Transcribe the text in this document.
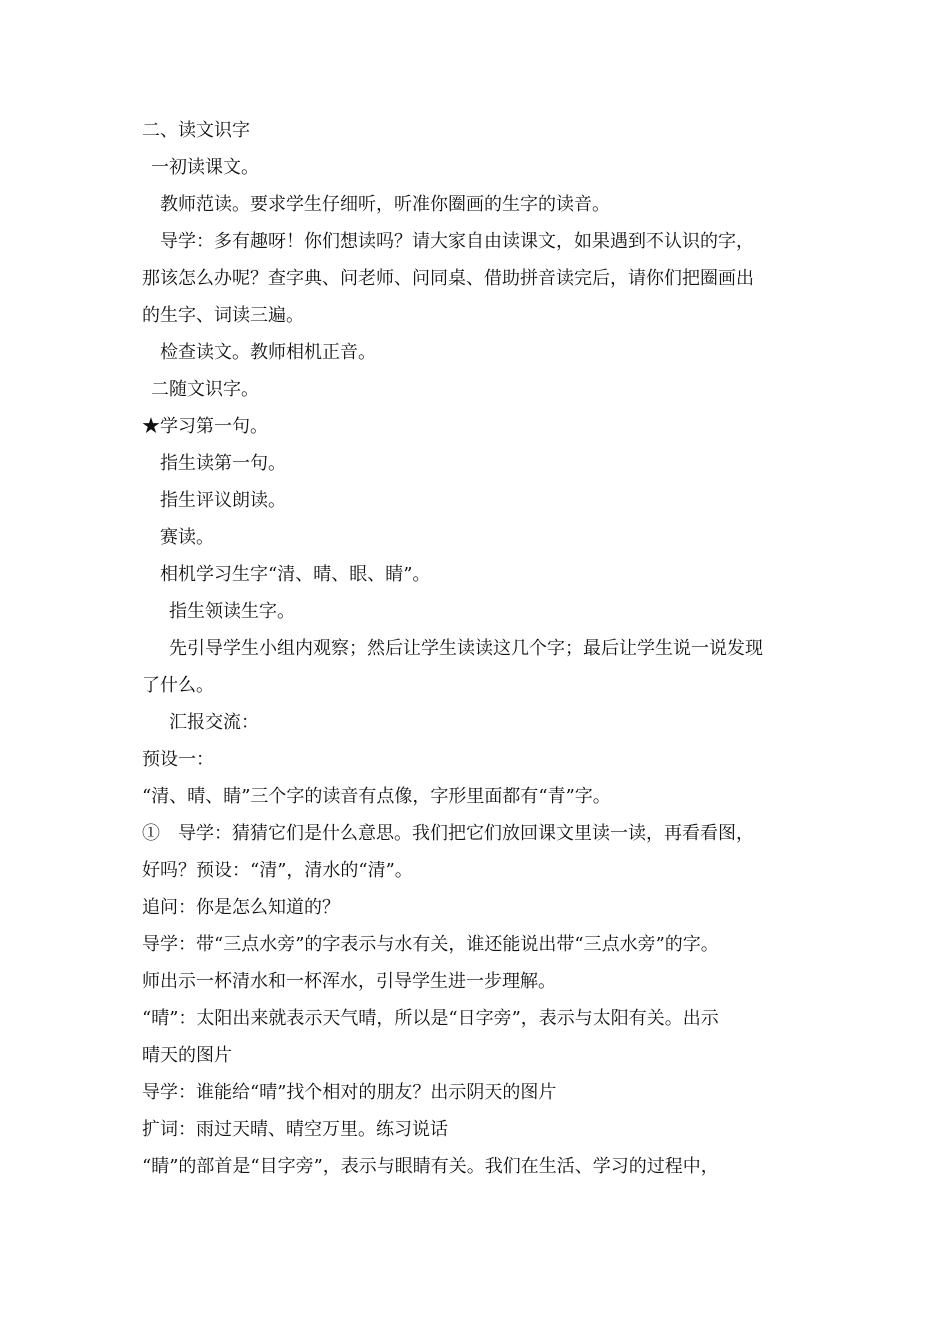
二、读文识字
一初读课文。
教师范读。要求学生仔细听，听准你圈画的生字的读音。
导学：多有趣呀！你们想读吗？请大家自由读课文，如果遇到不认识的字，
那该怎么办呢？查字典、问老师、问同桌、借助拼音读完后，请你们把圈画出
的生字、词读三遍。
检查读文。教师相机正音。
二随文识字。
★学习第一句。
指生读第一句。
指生评议朗读。
赛读。
相机学习生字“清、晴、眼、睛”。
指生领读生字。
先引导学生小组内观察；然后让学生读读这几个字；最后让学生说一说发现
了什么。
汇报交流：
预设一：
“清、晴、睛”三个字的读音有点像，字形里面都有“青”字。
①　导学：猜猜它们是什么意思。我们把它们放回课文里读一读，再看看图，
好吗？预设：“清”，清水的“清”。
追问：你是怎么知道的？
导学：带“三点水旁”的字表示与水有关，谁还能说出带“三点水旁”的字。
师出示一杯清水和一杯浑水，引导学生进一步理解。
“晴”：太阳出来就表示天气晴，所以是“日字旁”，表示与太阳有关。出示
晴天的图片
导学：谁能给“晴”找个相对的朋友？出示阴天的图片
扩词：雨过天晴、晴空万里。练习说话
“睛”的部首是“目字旁”，表示与眼睛有关。我们在生活、学习的过程中，
